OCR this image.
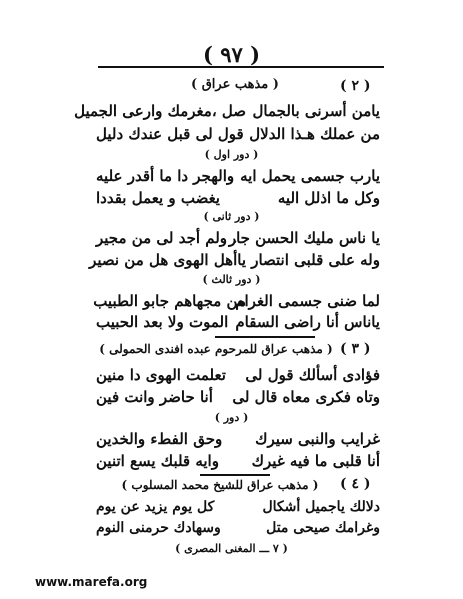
( ٩٧ )
( ٢ )
( مذهب عراق )
يامن أسرنى بالجمال
صل ،مغرمك وارعى الجميل
من عملك هـذا الدلال
قول لى قبل عندك دليل
( دور اول )
يارب جسمى يحمل ايه
والهجر دا ما أقدر عليه
وكل ما اذلل اليه
يغضب و يعمل بقددا
( دور ثانى )
يا ناس مليك الحسن جار
. ولم أجد لى من مجير
وله على قلبى انتصار
ياأهل الهوى هل من نصير
( دور ثالث )
لما ضنى جسمى الغرام
من مجهاهم جابو الطبيب
ياناس أنا راضى السقام
الموت ولا بعد الحبيب
( ٣ )
( مذهب عراق للمرحوم عبده افندى الحمولى )
فؤادى أسألك قول لى
تعلمت الهوى دا منين
وتاه فكرى معاه قال لى
أنا حاضر وانت فين
( دور )
غرايب والنبى سيرك
وحق الفطء والخدين
أنا قلبى ما فيه غيرك
وايه قلبك يسع اتنين
( ٤ )
( مذهب عراق للشيخ محمد المسلوب )
دلالك ياجميل أشكال
كل يوم يزيد عن يوم
وغرامك صيحى متل
وسهادك حرمنى النوم
( ٧ ـــ المغنى المصرى )
www.marefa.org
